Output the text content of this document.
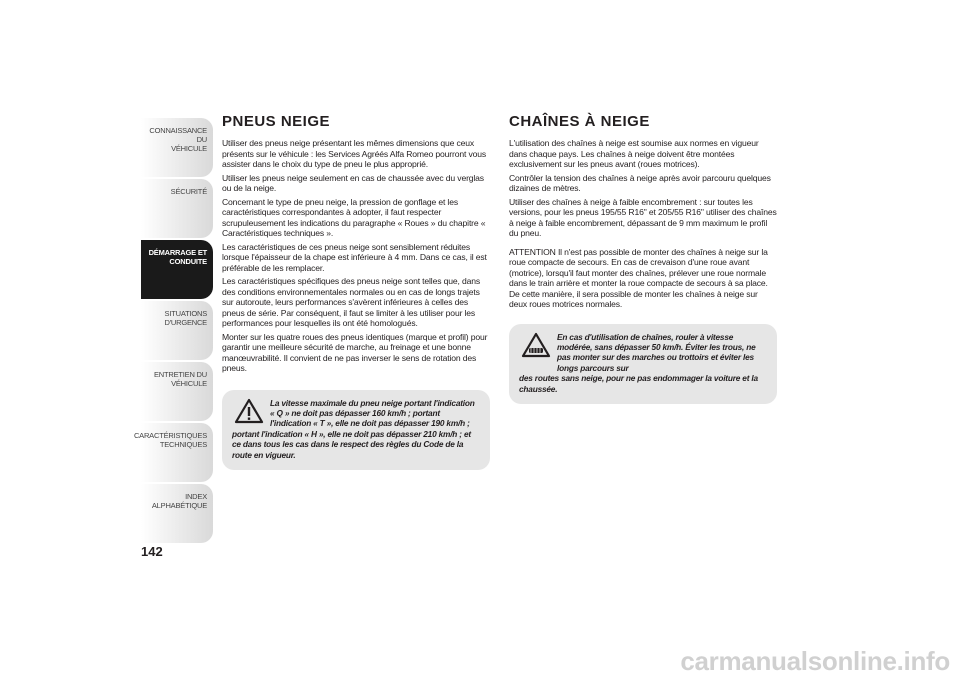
CONNAISSANCE DU
VÉHICULE
SÉCURITÉ
DÉMARRAGE ET
CONDUITE
SITUATIONS
D'URGENCE
ENTRETIEN DU
VÉHICULE
CARACTÉRISTIQUES
TECHNIQUES
INDEX
ALPHABÉTIQUE
142
PNEUS NEIGE

Utiliser des pneus neige présentant les mêmes dimensions que ceux présents sur le véhicule : les Services Agréés Alfa Romeo pourront vous assister dans le choix du type de pneu le plus approprié.

Utiliser les pneus neige seulement en cas de chaussée avec du verglas ou de la neige.

Concernant le type de pneu neige, la pression de gonflage et les caractéristiques correspondantes à adopter, il faut respecter scrupuleusement les indications du paragraphe « Roues » du chapitre « Caractéristiques techniques ».

Les caractéristiques de ces pneus neige sont sensiblement réduites lorsque l'épaisseur de la chape est inférieure à 4 mm. Dans ce cas, il est préférable de les remplacer.

Les caractéristiques spécifiques des pneus neige sont telles que, dans des conditions environnementales normales ou en cas de longs trajets sur autoroute, leurs performances s'avèrent inférieures à celles des pneus de série. Par conséquent, il faut se limiter à les utiliser pour les performances pour lesquelles ils ont été homologués.

Monter sur les quatre roues des pneus identiques (marque et profil) pour garantir une meilleure sécurité de marche, au freinage et une bonne manœuvrabilité. Il convient de ne pas inverser le sens de rotation des pneus.

La vitesse maximale du pneu neige portant l'indication « Q » ne doit pas dépasser 160 km/h ; portant l'indication « T », elle ne doit pas dépasser 190 km/h ;
portant l'indication « H », elle ne doit pas dépasser 210 km/h ; et ce dans tous les cas dans le respect des règles du Code de la route en vigueur.
CHAÎNES À NEIGE

L'utilisation des chaînes à neige est soumise aux normes en vigueur dans chaque pays. Les chaînes à neige doivent être montées exclusivement sur les pneus avant (roues motrices).

Contrôler la tension des chaînes à neige après avoir parcouru quelques dizaines de mètres.

Utiliser des chaînes à neige à faible encombrement : sur toutes les versions, pour les pneus 195/55 R16" et 205/55 R16" utiliser des chaînes à neige à faible encombrement, dépassant de 9 mm maximum le profil du pneu.

ATTENTION Il n'est pas possible de monter des chaînes à neige sur la roue compacte de secours. En cas de crevaison d'une roue avant (motrice), lorsqu'il faut monter des chaînes, prélever une roue normale dans le train arrière et monter la roue compacte de secours à sa place. De cette manière, il sera possible de monter les chaînes à neige sur deux roues motrices normales.

En cas d'utilisation de chaînes, rouler à vitesse modérée, sans dépasser 50 km/h. Éviter les trous, ne pas monter sur des marches ou trottoirs et éviter les longs parcours sur
des routes sans neige, pour ne pas endommager la voiture et la chaussée.
carmanualsonline.info
